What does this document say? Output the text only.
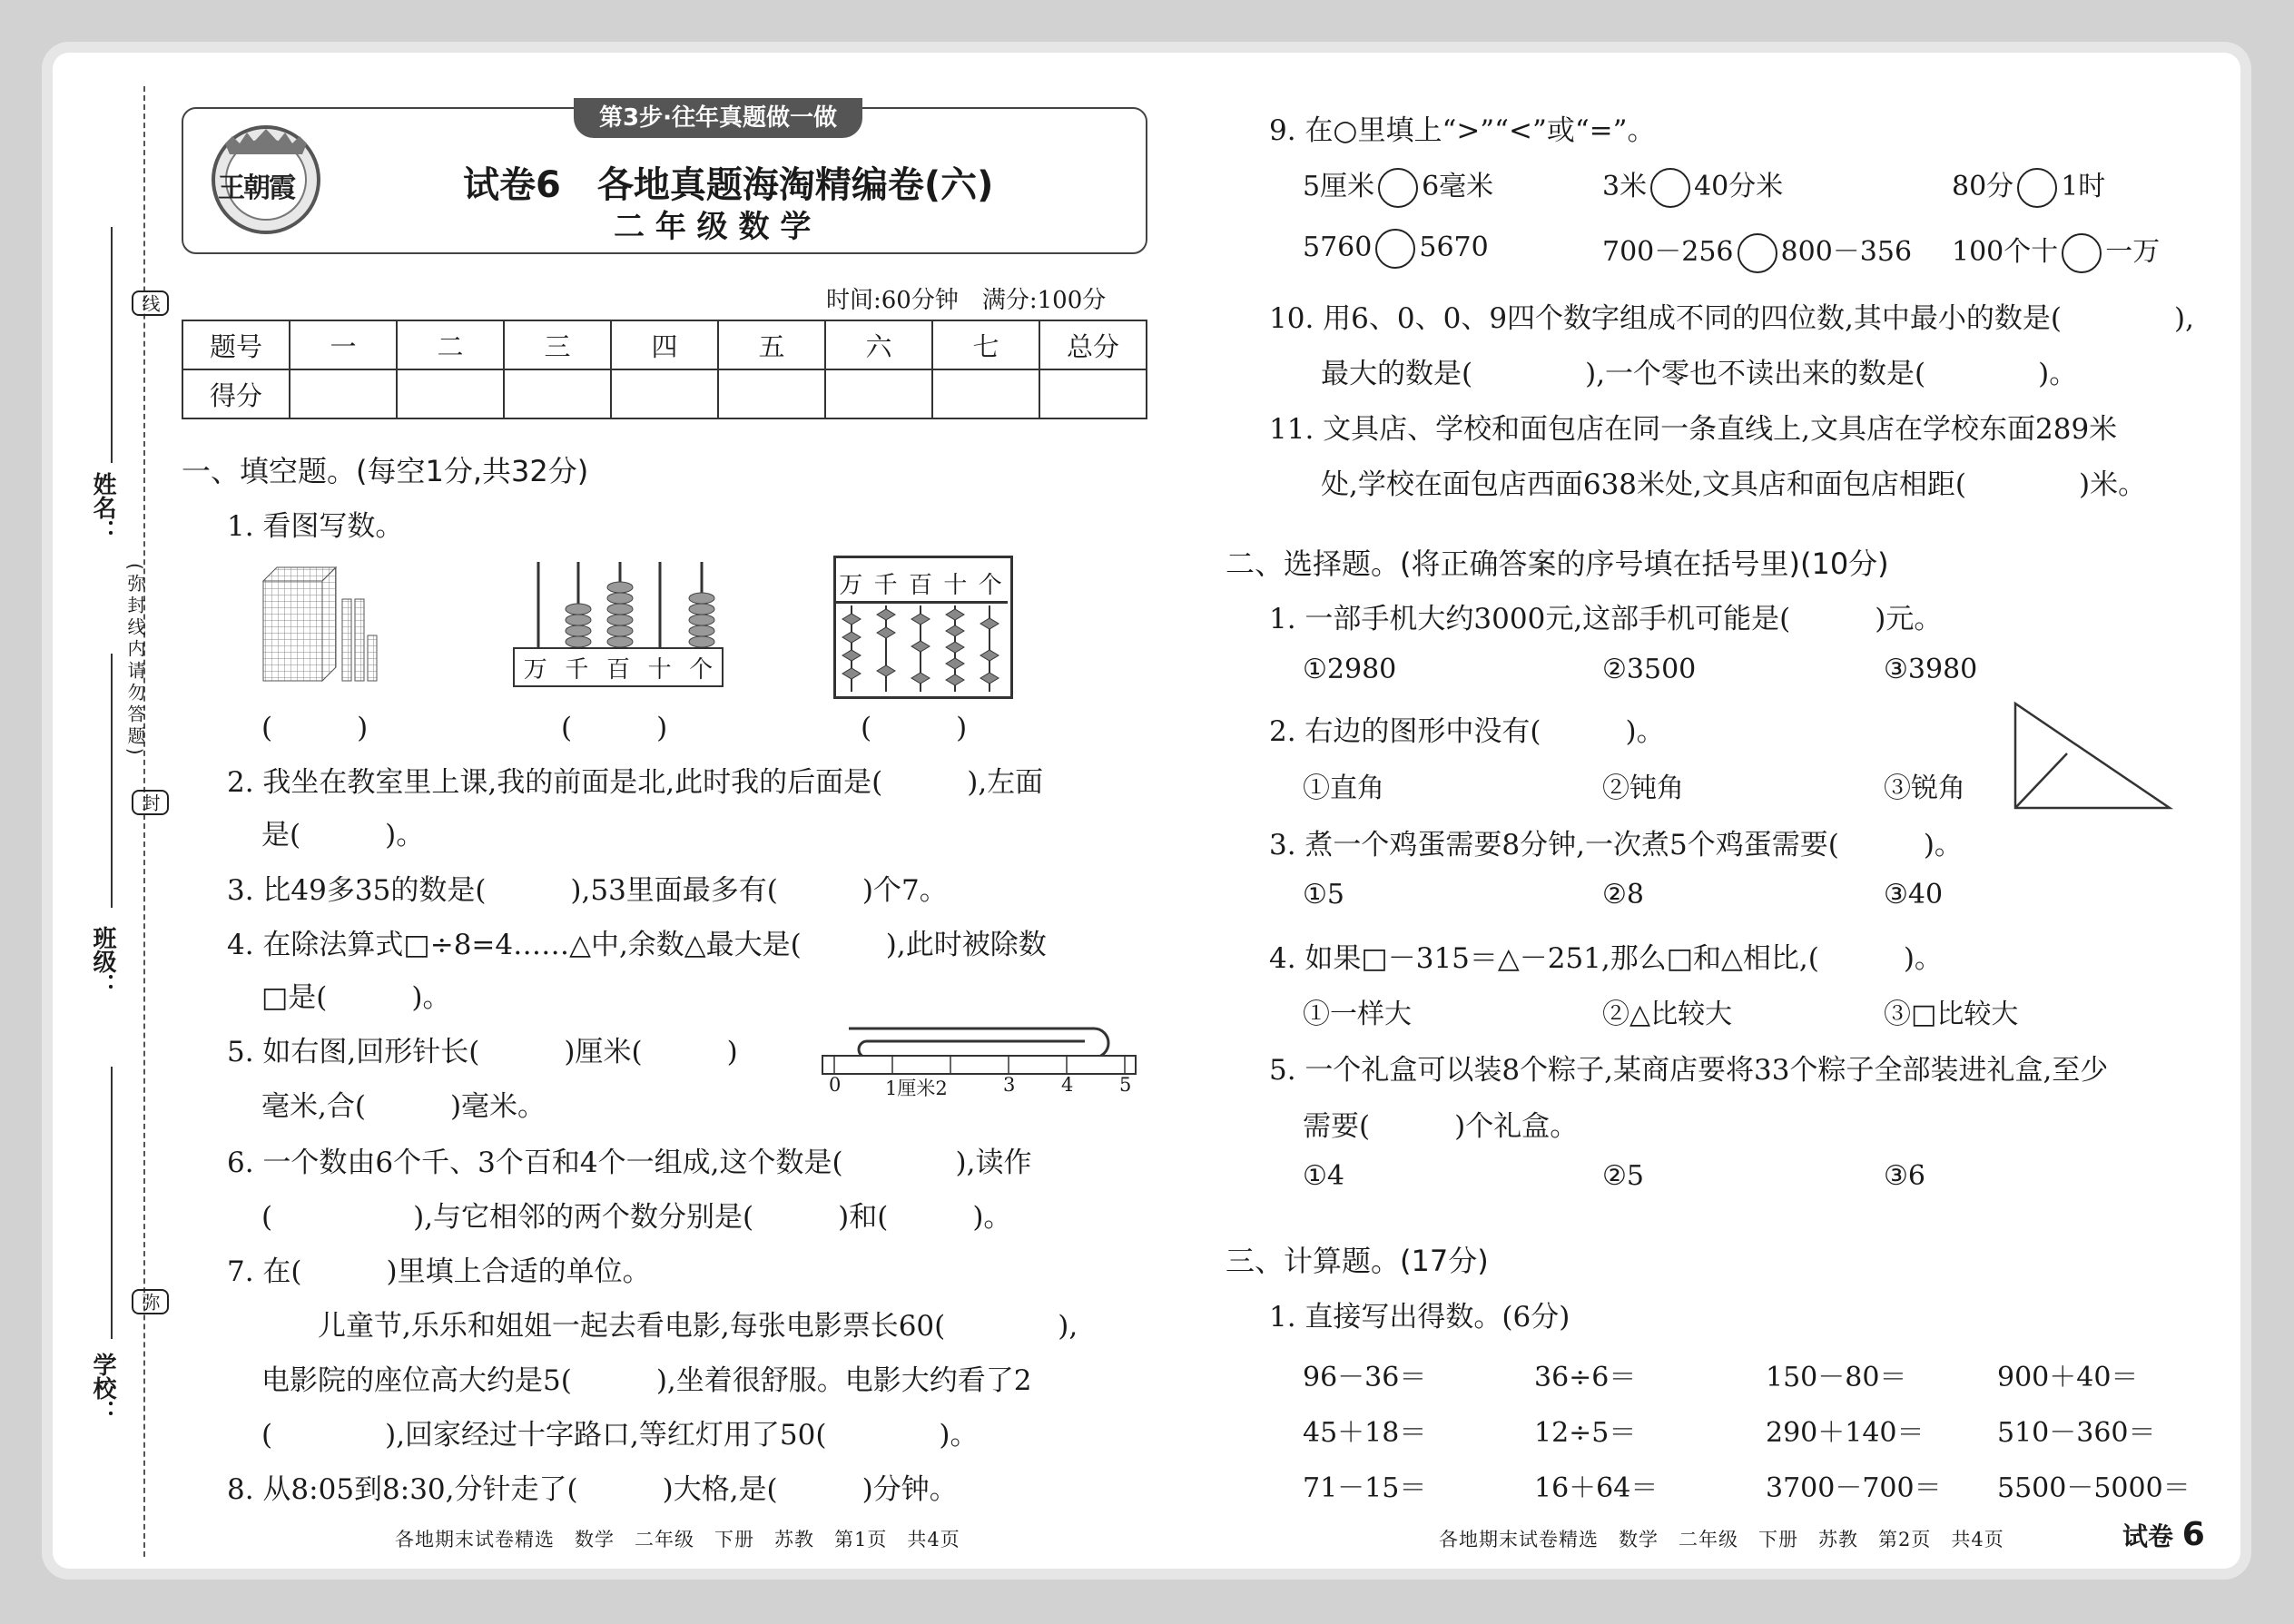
线
封
弥
(弥封线内请勿答题)
姓名：
班级：
学校：
第3步·往年真题做一做
王朝霞	试卷6　各地真题海淘精编卷(六)
二 年 级 数 学
时间:60分钟　满分:100分
题号	一	二	三	四	五	六	七	总分
得分								
一、填空题。(每空1分,共32分)
1. 看图写数。
万 千 百 十 个
万 千 百 十 个
(　　　)	(　　　)	(　　　)
2. 我坐在教室里上课,我的前面是北,此时我的后面是(　　　),左面
是(　　　)。
3. 比49多35的数是(　　　),53里面最多有(　　　)个7。
4. 在除法算式□÷8=4……△中,余数△最大是(　　　),此时被除数
□是(　　　)。
5. 如右图,回形针长(　　　)厘米(　　　)
毫米,合(　　　)毫米。
0 1厘米2	3 4 5
6. 一个数由6个千、3个百和4个一组成,这个数是(　　　　),读作
(　　　　　),与它相邻的两个数分别是(　　　)和(　　　)。
7. 在(　　　)里填上合适的单位。
儿童节,乐乐和姐姐一起去看电影,每张电影票长60(　　　　),
电影院的座位高大约是5(　　　),坐着很舒服。电影大约看了2
(　　　　),回家经过十字路口,等红灯用了50(　　　　)。
8. 从8:05到8:30,分针走了(　　　)大格,是(　　　)分钟。
9. 在○里填上“>”“<”或“=”。
5厘米 6毫米	3米 40分米	80分 1时
5760 5670	700－256 800－356 100个十 一万
10. 用6、0、0、9四个数字组成不同的四位数,其中最小的数是(　　　　),
最大的数是(　　　　),一个零也不读出来的数是(　　　　)。
11. 文具店、学校和面包店在同一条直线上,文具店在学校东面289米
处,学校在面包店西面638米处,文具店和面包店相距(　　　　)米。
二、选择题。(将正确答案的序号填在括号里)(10分)
1. 一部手机大约3000元,这部手机可能是(　　　)元。
①2980	②3500	③3980
2. 右边的图形中没有(　　　)。
①直角	②钝角	③锐角
3. 煮一个鸡蛋需要8分钟,一次煮5个鸡蛋需要(　　　)。
①5	②8	③40
4. 如果□－315＝△－251,那么□和△相比,(　　　)。
①一样大	②△比较大	③□比较大
5. 一个礼盒可以装8个粽子,某商店要将33个粽子全部装进礼盒,至少
需要(　　　)个礼盒。
①4	②5	③6
三、计算题。(17分)
1. 直接写出得数。(6分)
96－36＝	36÷6＝	150－80＝	900＋40＝
45＋18＝	12÷5＝	290＋140＝	510－360＝
71－15＝	16＋64＝	3700－700＝ 5500－5000＝
各地期末试卷精选　数学　二年级　下册　苏教　第1页　共4页	各地期末试卷精选　数学　二年级　下册　苏教　第2页　共4页	试卷 6
